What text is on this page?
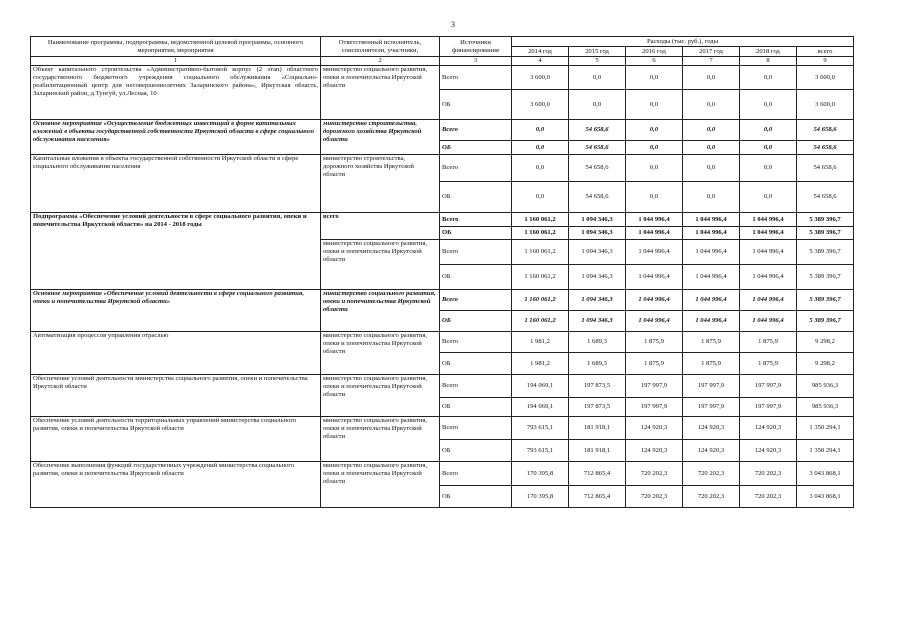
3
Наименование программы, подпрограммы, ведомственной целевой программы, основного мероприятия, мероприятия	Ответственный исполнитель, соисполнители, участники,	Источники финансирования	Расходы (тыс. руб.), годы					
			2014 год	2015 год	2016 год	2017 год	2018 год	всего
1	2	3	4	5	6	7	8	9
Объект капитального строительства «Административно-бытовой корпус (2 этап) областного государственного бюджетного учреждения социального обслуживания «Социально-реабилитационный центр для несовершеннолетних Заларинского района», Иркутская область, Заларинский район, д.Тунгуй, ул.Лесная, 10	министерство социального развития, опеки и попечительства Иркутской области	Всего	3 600,0	0,0	0,0	0,0	0,0	3 600,0
		ОБ	3 600,0	0,0	0,0	0,0	0,0	3 600,0
Основное мероприятие «Осуществление бюджетных инвестиций в форме капитальных вложений в объекты государственной собственности Иркутской области в сфере социального обслуживания населения»	министерство строительства, дорожного хозяйства Иркутской области	Всего	0,0	54 658,6	0,0	0,0	0,0	54 658,6
		ОБ	0,0	54 658,6	0,0	0,0	0,0	54 658,6
Капитальные вложения в объекты государственной собственности Иркутской области в сфере социального обслуживания населения	министерство строительства, дорожного хозяйства Иркутской области	Всего	0,0	54 658,6	0,0	0,0	0,0	54 658,6
		ОБ	0,0	54 658,6	0,0	0,0	0,0	54 658,6
Подпрограмма «Обеспечение условий деятельности в сфере социального развития, опеки и попечительства Иркутской области» на 2014 - 2018 годы	всего	Всего	1 160 061,2	1 094 346,3	1 044 996,4	1 044 996,4	1 044 996,4	5 389 396,7
		ОБ	1 160 061,2	1 094 346,3	1 044 996,4	1 044 996,4	1 044 996,4	5 389 396,7
	министерство социального развития, опеки и попечительства Иркутской области	Всего	1 160 061,2	1 094 346,3	1 044 996,4	1 044 996,4	1 044 996,4	5 389 396,7
		ОБ	1 160 061,2	1 094 346,3	1 044 996,4	1 044 996,4	1 044 996,4	5 389 396,7
Основное мероприятие «Обеспечение условий деятельности в сфере социального развития, опеки и попечительства Иркутской области»	министерство социального развития, опеки и попечительства Иркутской области	Всего	1 160 061,2	1 094 346,3	1 044 996,4	1 044 996,4	1 044 996,4	5 389 396,7
		ОБ	1 160 061,2	1 094 346,3	1 044 996,4	1 044 996,4	1 044 996,4	5 389 396,7
Автоматизация процессов управления отраслью	министерство социального развития, опеки и попечительства Иркутской области	Всего	1 981,2	1 689,3	1 875,9	1 875,9	1 875,9	9 298,2
		ОБ	1 981,2	1 689,3	1 875,9	1 875,9	1 875,9	9 298,2
Обеспечение условий деятельности министерства социального развития, опеки и попечительства Иркутской области	министерство социального развития, опеки и попечительства Иркутской области	Всего	194 069,1	197 873,5	197 997,9	197 997,9	197 997,9	985 936,3
		ОБ	194 069,1	197 873,5	197 997,9	197 997,9	197 997,9	985 936,3
Обеспечение условий деятельности территориальных управлений министерства социального развития, опеки и попечительства Иркутской области	министерство социального развития, опеки и попечительства Иркутской области	Всего	793 615,1	181 918,1	124 920,3	124 920,3	124 920,3	1 350 294,1
		ОБ	793 615,1	181 918,1	124 920,3	124 920,3	124 920,3	1 350 294,1
Обеспечение выполнения функций государственных учреждений министерства социального развития, опеки и попечительства Иркутской области	министерство социального развития, опеки и попечительства Иркутской области	Всего	170 395,8	712 865,4	720 202,3	720 202,3	720 202,3	3 043 868,1
		ОБ	170 395,8	712 865,4	720 202,3	720 202,3	720 202,3	3 043 868,1
